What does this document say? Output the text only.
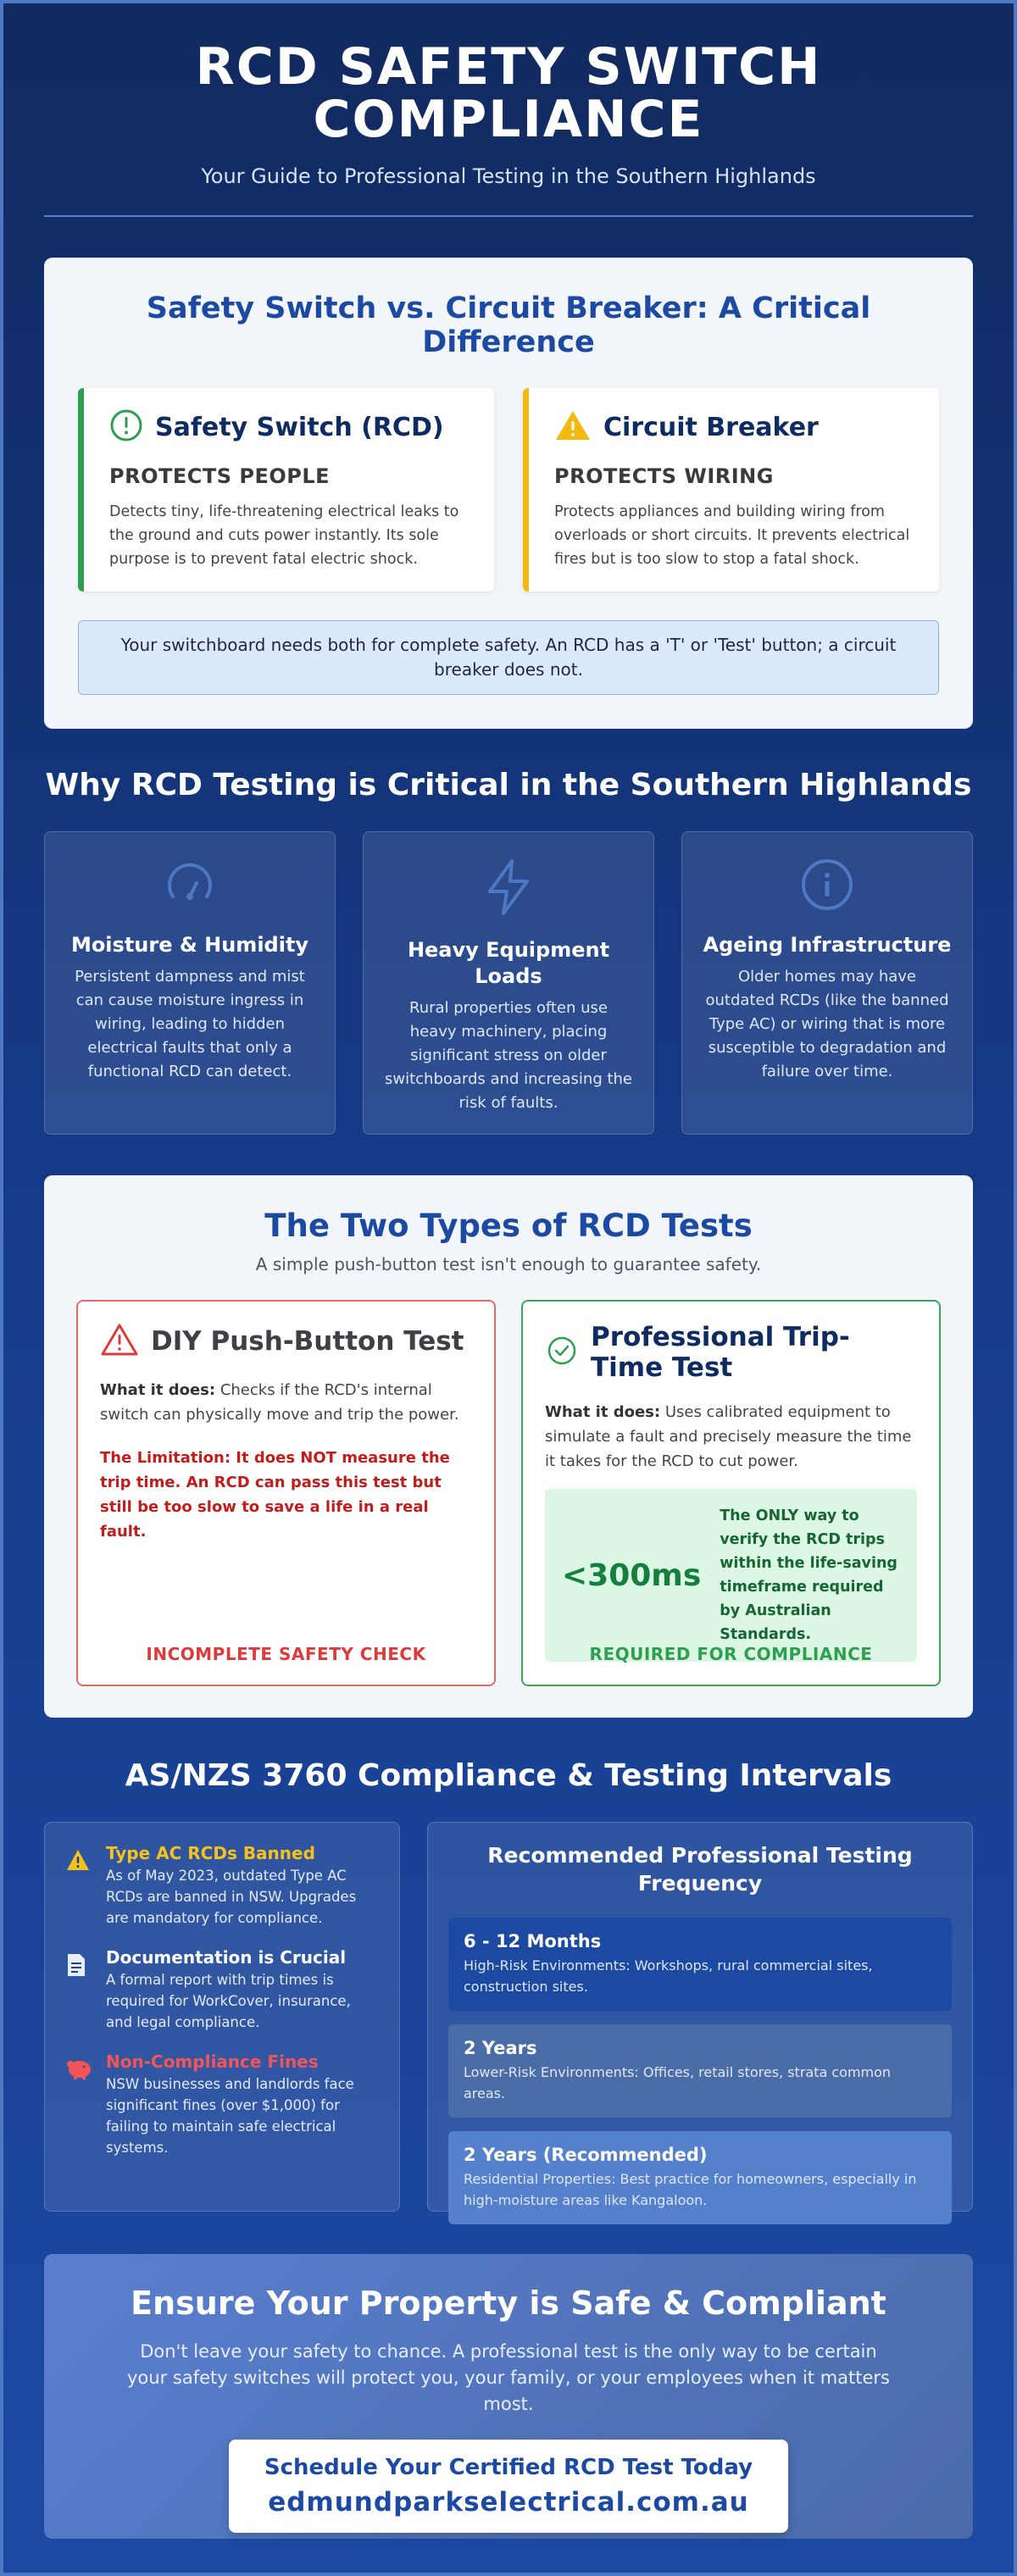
RCD SAFETY SWITCH COMPLIANCE
Your Guide to Professional Testing in the Southern Highlands
Safety Switch vs. Circuit Breaker: A Critical Difference
Safety Switch (RCD)
PROTECTS PEOPLE
Detects tiny, life-threatening electrical leaks to the ground and cuts power instantly. Its sole purpose is to prevent fatal electric shock.
Circuit Breaker
PROTECTS WIRING
Protects appliances and building wiring from overloads or short circuits. It prevents electrical fires but is too slow to stop a fatal shock.
Your switchboard needs both for complete safety. An RCD has a 'T' or 'Test' button; a circuit breaker does not.
Why RCD Testing is Critical in the Southern Highlands
Moisture & Humidity

Persistent dampness and mist can cause moisture ingress in wiring, leading to hidden electrical faults that only a functional RCD can detect.

Heavy Equipment Loads

Rural properties often use heavy machinery, placing significant stress on older switchboards and increasing the risk of faults.

Ageing Infrastructure

Older homes may have outdated RCDs (like the banned Type AC) or wiring that is more susceptible to degradation and failure over time.

The Two Types of RCD Tests
A simple push-button test isn't enough to guarantee safety.
DIY Push-Button Test
What it does: Checks if the RCD's internal switch can physically move and trip the power.
The Limitation: It does NOT measure the trip time. An RCD can pass this test but still be too slow to save a life in a real fault.
INCOMPLETE SAFETY CHECK
Professional Trip-Time Test
What it does: Uses calibrated equipment to simulate a fault and precisely measure the time it takes for the RCD to cut power.
<300ms
The ONLY way to verify the RCD trips within the life-saving timeframe required by Australian Standards.
REQUIRED FOR COMPLIANCE
AS/NZS 3760 Compliance & Testing Intervals
Type AC RCDs Banned

As of May 2023, outdated Type AC RCDs are banned in NSW. Upgrades are mandatory for compliance.

Documentation is Crucial

A formal report with trip times is required for WorkCover, insurance, and legal compliance.

Non-Compliance Fines

NSW businesses and landlords face significant fines (over $1,000) for failing to maintain safe electrical systems.

Recommended Professional Testing Frequency
6 - 12 Months

High-Risk Environments: Workshops, rural commercial sites, construction sites.

2 Years

Lower-Risk Environments: Offices, retail stores, strata common areas.

2 Years (Recommended)

Residential Properties: Best practice for homeowners, especially in high-moisture areas like Kangaloon.

Ensure Your Property is Safe & Compliant

Don't leave your safety to chance. A professional test is the only way to be certain your safety switches will protect you, your family, or your employees when it matters most.

Schedule Your Certified RCD Test Today
edmundparkselectrical.com.au
